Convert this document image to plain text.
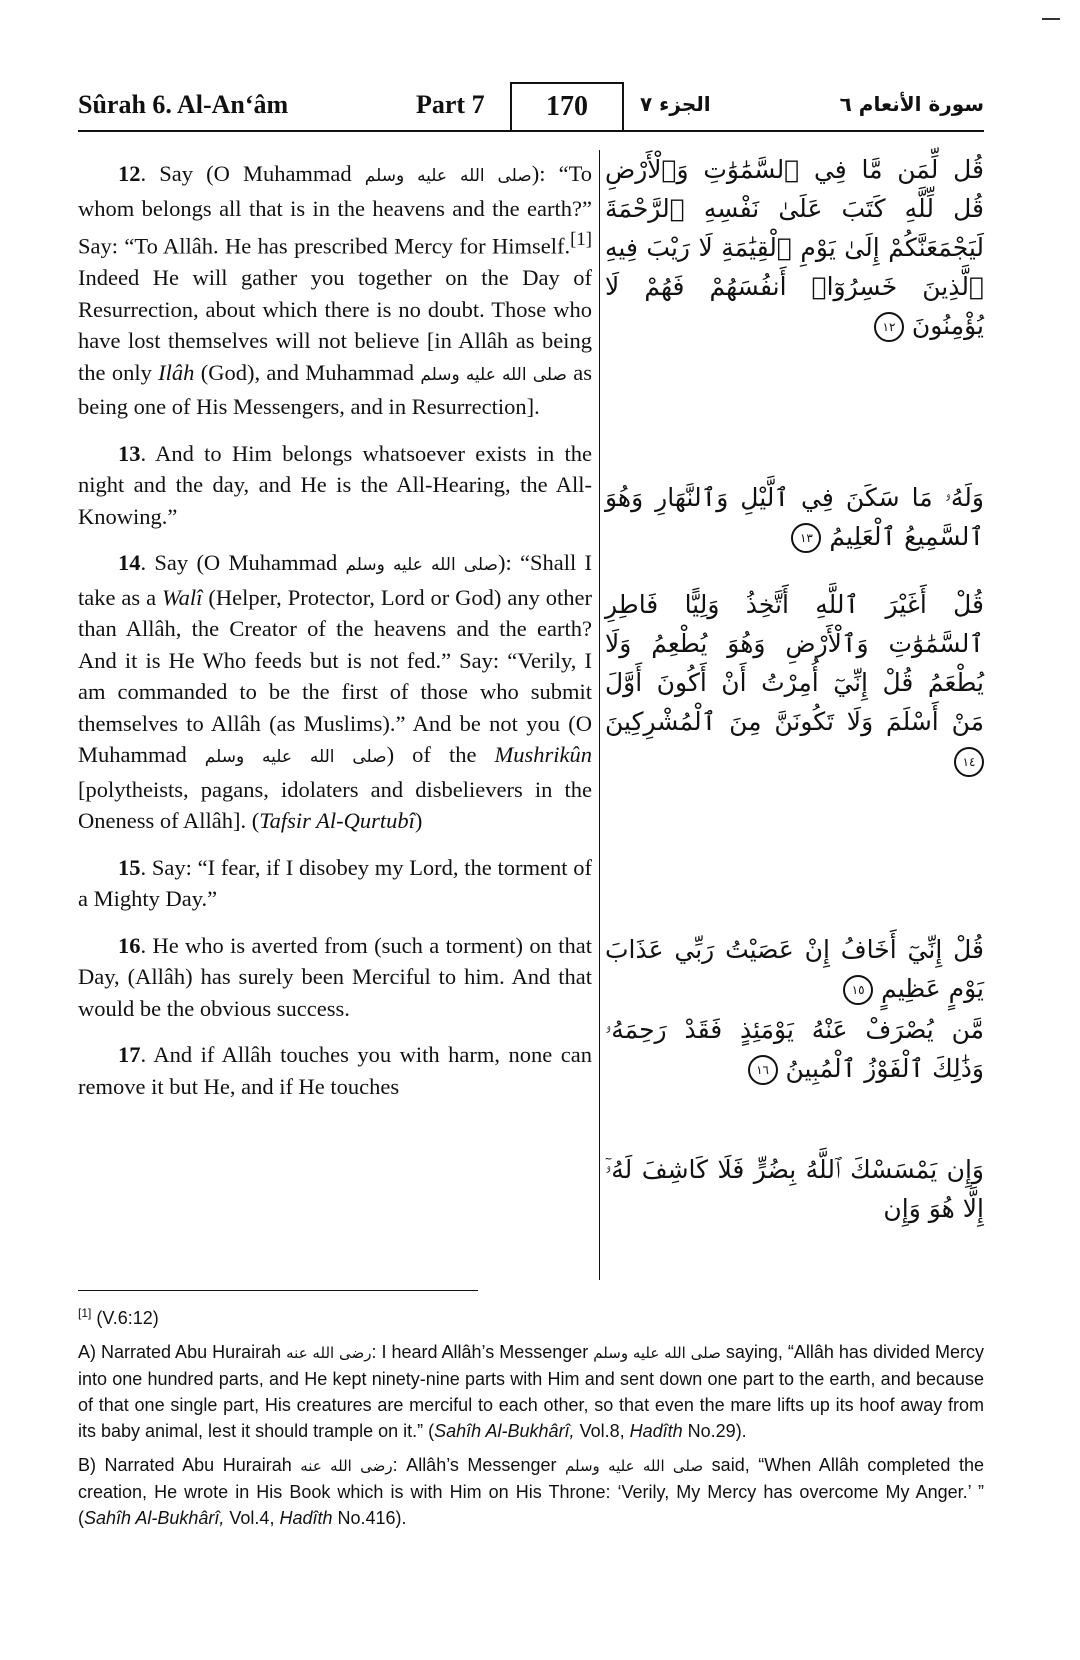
Sûrah 6. Al-An‘âm	Part 7	170	الجزء ٧	سورة الأنعام ٦

12. Say (O Muhammad صلى الله عليه وسلم): “To whom belongs all that is in the heavens and the earth?” Say: “To Allâh. He has prescribed Mercy for Himself.[1] Indeed He will gather you together on the Day of Resurrection, about which there is no doubt. Those who have lost themselves will not believe [in Allâh as being the only Ilâh (God), and Muhammad صلى الله عليه وسلم as being one of His Messengers, and in Resurrection].

13. And to Him belongs whatsoever exists in the night and the day, and He is the All-Hearing, the All-Knowing.”

14. Say (O Muhammad صلى الله عليه وسلم): “Shall I take as a Walî (Helper, Protector, Lord or God) any other than Allâh, the Creator of the heavens and the earth? And it is He Who feeds but is not fed.” Say: “Verily, I am commanded to be the first of those who submit themselves to Allâh (as Muslims).” And be not you (O Muhammad صلى الله عليه وسلم) of the Mushrikûn [polytheists, pagans, idolaters and disbelievers in the Oneness of Allâh]. (Tafsir Al-Qurtubî)

15. Say: “I fear, if I disobey my Lord, the torment of a Mighty Day.”

16. He who is averted from (such a torment) on that Day, (Allâh) has surely been Merciful to him. And that would be the obvious success.

17. And if Allâh touches you with harm, none can remove it but He, and if He touches

قُل لِّمَن مَّا فِي ٱلسَّمَٰوَٰتِ وَٱلْأَرْضِ قُل لِّلَّهِ كَتَبَ عَلَىٰ نَفْسِهِ ٱلرَّحْمَةَ لَيَجْمَعَنَّكُمْ إِلَىٰ يَوْمِ ٱلْقِيَٰمَةِ لَا رَيْبَ فِيهِ ٱلَّذِينَ خَسِرُوٓا۟ أَنفُسَهُمْ فَهُمْ لَا يُؤْمِنُونَ ١٢
وَلَهُۥ مَا سَكَنَ فِي ٱلَّيْلِ وَٱلنَّهَارِ وَهُوَ ٱلسَّمِيعُ ٱلْعَلِيمُ ١٣
قُلْ أَغَيْرَ ٱللَّهِ أَتَّخِذُ وَلِيًّا فَاطِرِ ٱلسَّمَٰوَٰتِ وَٱلْأَرْضِ وَهُوَ يُطْعِمُ وَلَا يُطْعَمُ قُلْ إِنِّيٓ أُمِرْتُ أَنْ أَكُونَ أَوَّلَ مَنْ أَسْلَمَ وَلَا تَكُونَنَّ مِنَ ٱلْمُشْرِكِينَ ١٤
قُلْ إِنِّيٓ أَخَافُ إِنْ عَصَيْتُ رَبِّي عَذَابَ يَوْمٍ عَظِيمٍ ١٥
مَّن يُصْرَفْ عَنْهُ يَوْمَئِذٍ فَقَدْ رَحِمَهُۥ وَذَٰلِكَ ٱلْفَوْزُ ٱلْمُبِينُ ١٦
وَإِن يَمْسَسْكَ ٱللَّهُ بِضُرٍّ فَلَا كَاشِفَ لَهُۥٓ إِلَّا هُوَ وَإِن

[1] (V.6:12)

A) Narrated Abu Hurairah رضى الله عنه: I heard Allâh’s Messenger صلى الله عليه وسلم saying, “Allâh has divided Mercy into one hundred parts, and He kept ninety-nine parts with Him and sent down one part to the earth, and because of that one single part, His creatures are merciful to each other, so that even the mare lifts up its hoof away from its baby animal, lest it should trample on it.” (Sahîh Al-Bukhârî, Vol.8, Hadîth No.29).

B) Narrated Abu Hurairah رضى الله عنه: Allâh’s Messenger صلى الله عليه وسلم said, “When Allâh completed the creation, He wrote in His Book which is with Him on His Throne: ‘Verily, My Mercy has overcome My Anger.’ ” (Sahîh Al-Bukhârî, Vol.4, Hadîth No.416).
